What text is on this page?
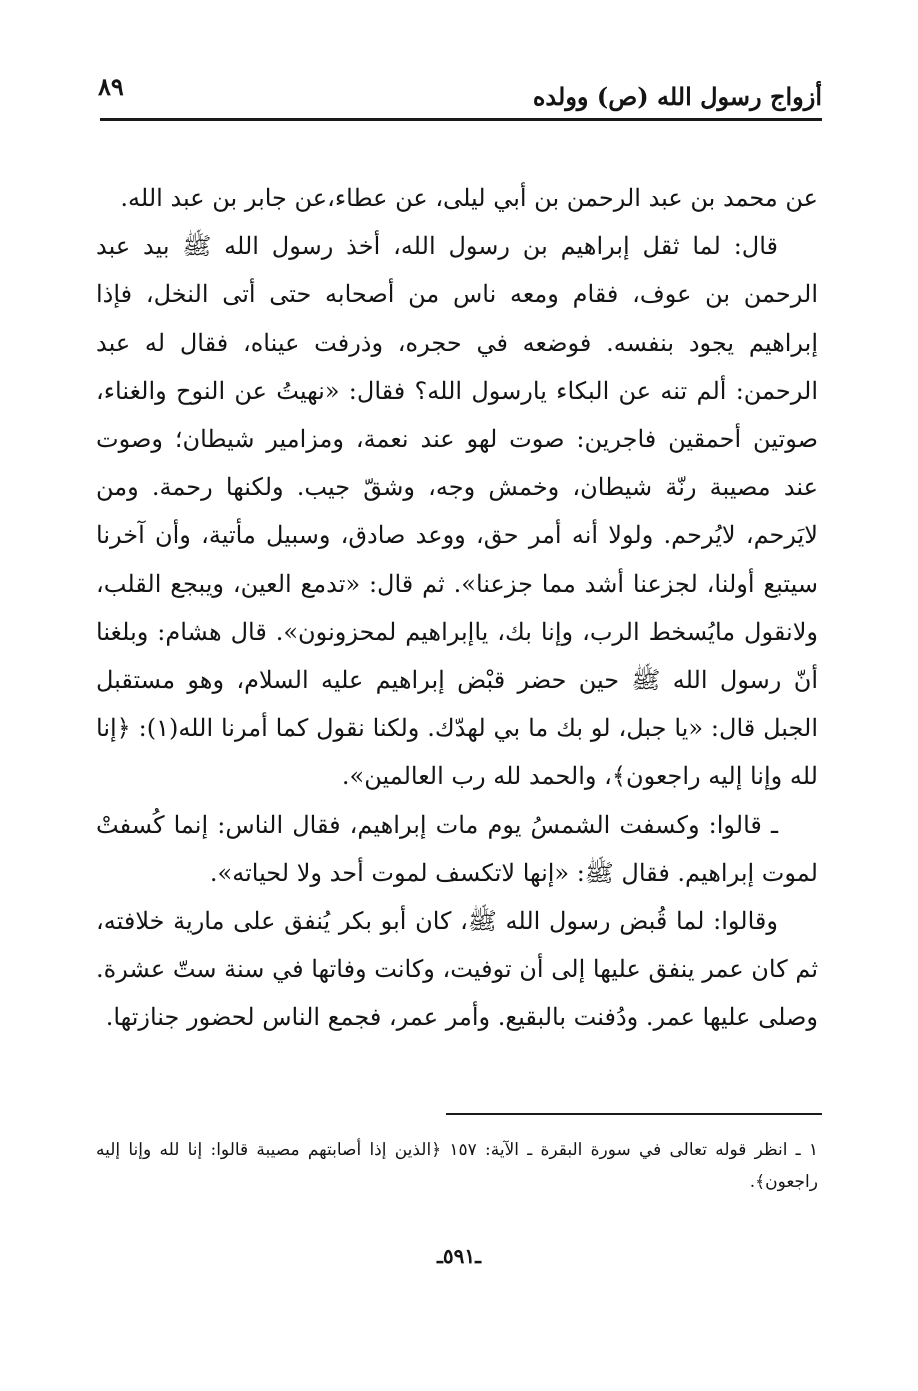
أزواج رسول الله (ص) وولده
٨٩

عن محمد بن عبد الرحمن بن أبي ليلى، عن عطاء،عن جابر بن عبد الله.

قال: لما ثقل إبراهيم بن رسول الله، أخذ رسول الله ﷺ بيد عبد الرحمن بن عوف، فقام ومعه ناس من أصحابه حتى أتى النخل، فإذا إبراهيم يجود بنفسه. فوضعه في حجره، وذرفت عيناه، فقال له عبد الرحمن: ألم تنه عن البكاء يارسول الله؟ فقال: «نهيتُ عن النوح والغناء، صوتين أحمقين فاجرين: صوت لهو عند نعمة، ومزامير شيطان؛ وصوت عند مصيبة رنّة شيطان، وخمش وجه، وشقّ جيب. ولكنها رحمة. ومن لايَرحم، لايُرحم. ولولا أنه أمر حق، ووعد صادق، وسبيل مأتية، وأن آخرنا سيتبع أولنا، لجزعنا أشد مما جزعنا». ثم قال: «تدمع العين، ويبجع القلب، ولانقول مايُسخط الرب، وإنا بك، ياإبراهيم لمحزونون». قال هشام: وبلغنا أنّ رسول الله ﷺ حين حضر قبْض إبراهيم عليه السلام، وهو مستقبل الجبل قال: «يا جبل، لو بك ما بي لهدّك. ولكنا نقول كما أمرنا الله(١): ﴿إنا لله وإنا إليه راجعون﴾، والحمد لله رب العالمين».

ـ قالوا: وكسفت الشمسُ يوم مات إبراهيم، فقال الناس: إنما كُسفتْ لموت إبراهيم. فقال ﷺ: «إنها لاتكسف لموت أحد ولا لحياته».

وقالوا: لما قُبض رسول الله ﷺ، كان أبو بكر يُنفق على مارية خلافته، ثم كان عمر ينفق عليها إلى أن توفيت، وكانت وفاتها في سنة ستّ عشرة. وصلى عليها عمر. ودُفنت بالبقيع. وأمر عمر، فجمع الناس لحضور جنازتها.

١ ـ انظر قوله تعالى في سورة البقرة ـ الآية: ١٥٧ ﴿الذين إذا أصابتهم مصيبة قالوا: إنا لله وإنا إليه راجعون﴾.

ـ٥٩١ـ
